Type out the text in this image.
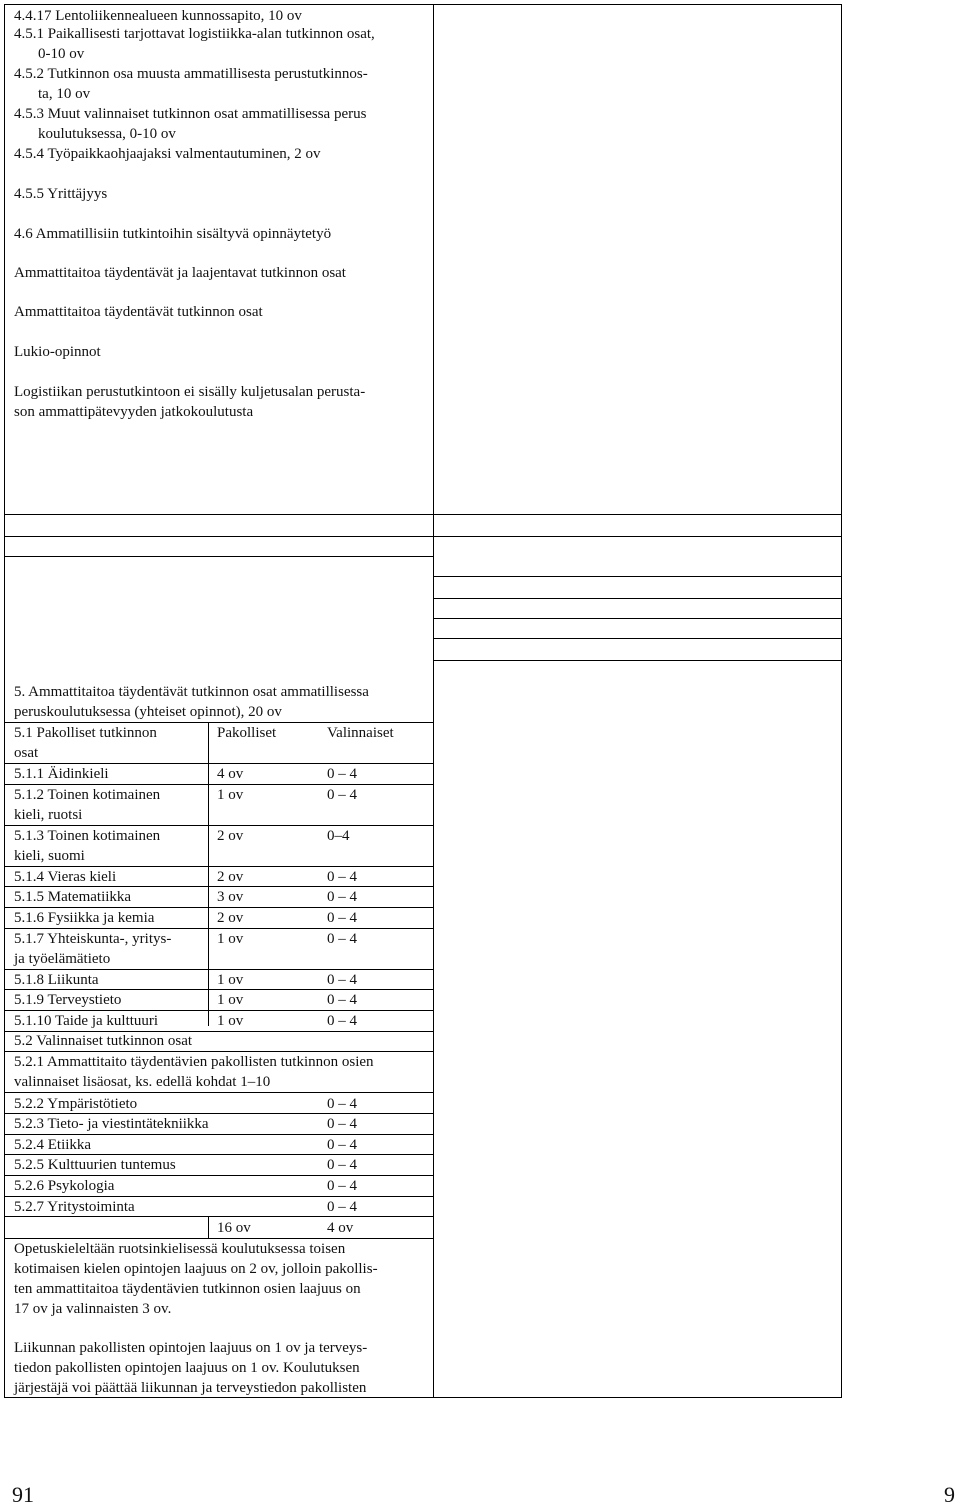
4.4.17 Lentoliikennealueen kunnossapito, 10 ov
4.5.1 Paikallisesti tarjottavat logistiikka-alan tutkinnon osat,
0-10 ov
4.5.2 Tutkinnon osa muusta ammatillisesta perustutkinnos-
ta, 10 ov
4.5.3 Muut valinnaiset tutkinnon osat ammatillisessa perus
koulutuksessa, 0-10 ov
4.5.4 Työpaikkaohjaajaksi valmentautuminen, 2 ov
4.5.5 Yrittäjyys
4.6 Ammatillisiin tutkintoihin sisältyvä opinnäytetyö
Ammattitaitoa täydentävät ja laajentavat tutkinnon osat
Ammattitaitoa täydentävät tutkinnon osat
Lukio-opinnot
Logistiikan perustutkintoon ei sisälly kuljetusalan perusta-
son ammattipätevyyden jatkokoulutusta
5. Ammattitaitoa täydentävät tutkinnon osat ammatillisessa
peruskoulutuksessa (yhteiset opinnot), 20 ov
5.1 Pakolliset tutkinnon
osat
Pakolliset	Valinnaiset
5.1.1 Äidinkieli	4 ov	0 – 4
5.1.2 Toinen kotimainen
kieli, ruotsi
1 ov	0 – 4
5.1.3 Toinen kotimainen
kieli, suomi
2 ov	0–4
5.1.4 Vieras kieli	2 ov	0 – 4
5.1.5 Matematiikka	3 ov	0 – 4
5.1.6 Fysiikka ja kemia	2 ov	0 – 4
5.1.7 Yhteiskunta-, yritys-
ja työelämätieto
1 ov	0 – 4
5.1.8 Liikunta	1 ov	0 – 4
5.1.9 Terveystieto	1 ov	0 – 4
5.1.10 Taide ja kulttuuri	1 ov	0 – 4
5.2 Valinnaiset tutkinnon osat
5.2.1 Ammattitaito täydentävien pakollisten tutkinnon osien
valinnaiset lisäosat, ks. edellä kohdat 1–10
5.2.2 Ympäristötieto	0 – 4
5.2.3 Tieto- ja viestintätekniikka	0 – 4
5.2.4 Etiikka	0 – 4
5.2.5 Kulttuurien tuntemus	0 – 4
5.2.6 Psykologia	0 – 4
5.2.7 Yritystoiminta	0 – 4
16 ov	4 ov
Opetuskieleltään ruotsinkielisessä koulutuksessa toisen
kotimaisen kielen opintojen laajuus on 2 ov, jolloin pakollis-
ten ammattitaitoa täydentävien tutkinnon osien laajuus on
17 ov ja valinnaisten 3 ov.
Liikunnan pakollisten opintojen laajuus on 1 ov ja terveys-
tiedon pakollisten opintojen laajuus on 1 ov. Koulutuksen
järjestäjä voi päättää liikunnan ja terveystiedon pakollisten
91	9
